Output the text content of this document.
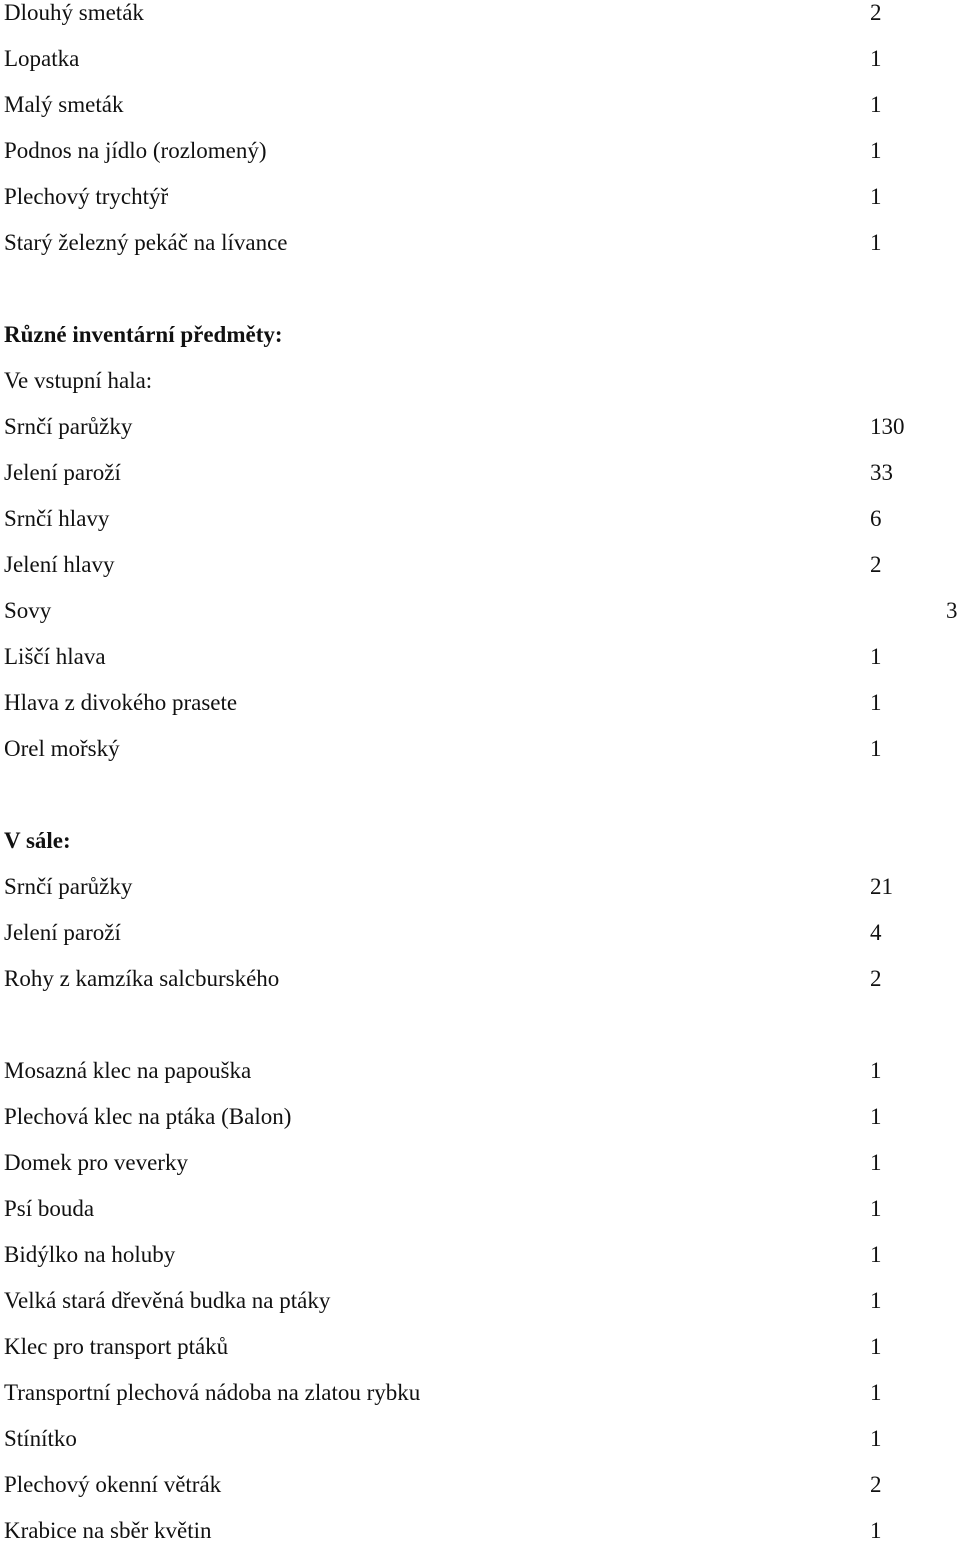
Dlouhý smeták	2
Lopatka	1
Malý smeták	1
Podnos na jídlo (rozlomený)	1
Plechový trychtýř	1
Starý železný pekáč na lívance	1
Různé inventární předměty:
Ve vstupní hala:
Srnčí parůžky	130
Jelení paroží	33
Srnčí hlavy	6
Jelení hlavy	2
Sovy	3
Liščí hlava	1
Hlava z divokého prasete	1
Orel mořský	1
V sále:
Srnčí parůžky	21
Jelení paroží	4
Rohy z kamzíka salcburského	2
Mosazná klec na papouška	1
Plechová klec na ptáka (Balon)	1
Domek pro veverky	1
Psí bouda	1
Bidýlko na holuby	1
Velká stará dřevěná budka na ptáky	1
Klec pro transport ptáků	1
Transportní plechová nádoba na zlatou rybku	1
Stínítko	1
Plechový okenní větrák	2
Krabice na sběr květin	1
